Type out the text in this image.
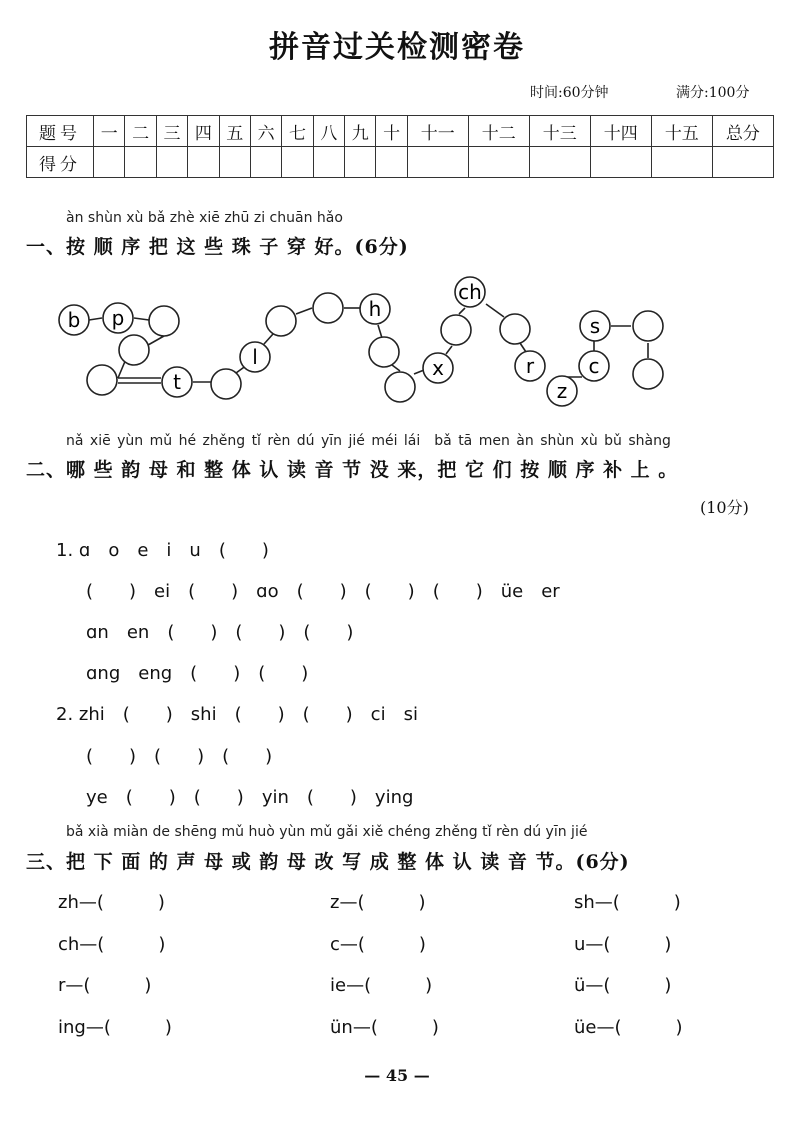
拼音过关检测密卷
时间:60分钟	满分:100分
题号	一	二	三	四	五	六	七	八	九	十	十一	十二	十三	十四	十五	总分
得分																
àn shùn xù bǎ zhè xiē zhū zi chuān hǎo
一、按 顺 序 把 这 些 珠 子 穿 好。(6分)
b p
t
l
h
x
ch
r
z
c
s
nǎ xiē yùn mǔ hé zhěng tǐ rèn dú yīn jié méi lái　bǎ tā men àn shùn xù bǔ shàng
二、哪 些 韵 母 和 整 体 认 读 音 节 没 来，把 它 们 按 顺 序 补 上 。
(10分)
1. ɑ　o　e　i　u　(　　)
(　　)　ei　(　　)　ɑo　(　　)　(　　)　(　　)　üe　er
ɑn　en　(　　)　(　　)　(　　)
ɑng　eng　(　　)　(　　)
2. zhi　(　　)　shi　(　　)　(　　)　ci　si
(　　)　(　　)　(　　)
ye　(　　)　(　　)　yin　(　　)　ying
bǎ xià miàn de shēng mǔ huò yùn mǔ gǎi xiě chéng zhěng tǐ rèn dú yīn jié
三、把 下 面 的 声 母 或 韵 母 改 写 成 整 体 认 读 音 节。(6分)
zh—(　　　)	z—(　　　)	sh—(　　　)
ch—(　　　)	c—(　　　)	u—(　　　)
r—(　　　)	ie—(　　　)	ü—(　　　)
ing—(　　　)	ün—(　　　)	üe—(　　　)
— 45 —
